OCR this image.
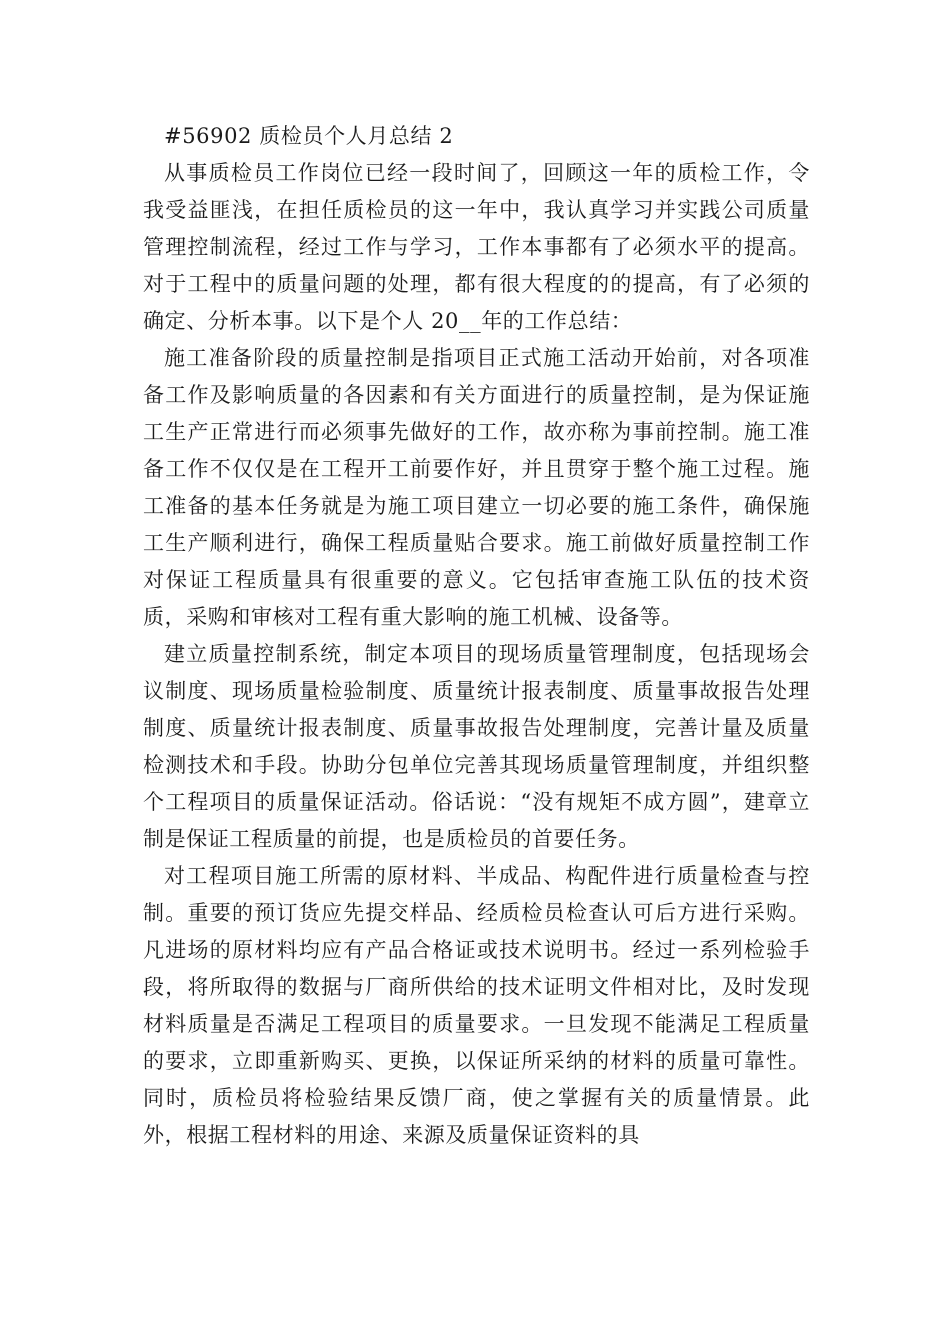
#56902 质检员个人月总结 2

从事质检员工作岗位已经一段时间了，回顾这一年的质检工作，令我受益匪浅，在担任质检员的这一年中，我认真学习并实践公司质量管理控制流程，经过工作与学习，工作本事都有了必须水平的提高。对于工程中的质量问题的处理，都有很大程度的的提高，有了必须的确定、分析本事。以下是个人 20__年的工作总结：

施工准备阶段的质量控制是指项目正式施工活动开始前，对各项准备工作及影响质量的各因素和有关方面进行的质量控制，是为保证施工生产正常进行而必须事先做好的工作，故亦称为事前控制。施工准备工作不仅仅是在工程开工前要作好，并且贯穿于整个施工过程。施工准备的基本任务就是为施工项目建立一切必要的施工条件，确保施工生产顺利进行，确保工程质量贴合要求。施工前做好质量控制工作对保证工程质量具有很重要的意义。它包括审查施工队伍的技术资质，采购和审核对工程有重大影响的施工机械、设备等。

建立质量控制系统，制定本项目的现场质量管理制度，包括现场会议制度、现场质量检验制度、质量统计报表制度、质量事故报告处理制度、质量统计报表制度、质量事故报告处理制度，完善计量及质量检测技术和手段。协助分包单位完善其现场质量管理制度，并组织整个工程项目的质量保证活动。俗话说：“没有规矩不成方圆”，建章立制是保证工程质量的前提，也是质检员的首要任务。

对工程项目施工所需的原材料、半成品、构配件进行质量检查与控制。重要的预订货应先提交样品、经质检员检查认可后方进行采购。凡进场的原材料均应有产品合格证或技术说明书。经过一系列检验手段，将所取得的数据与厂商所供给的技术证明文件相对比，及时发现材料质量是否满足工程项目的质量要求。一旦发现不能满足工程质量的要求，立即重新购买、更换，以保证所采纳的材料的质量可靠性。同时，质检员将检验结果反馈厂商，使之掌握有关的质量情景。此外，根据工程材料的用途、来源及质量保证资料的具
